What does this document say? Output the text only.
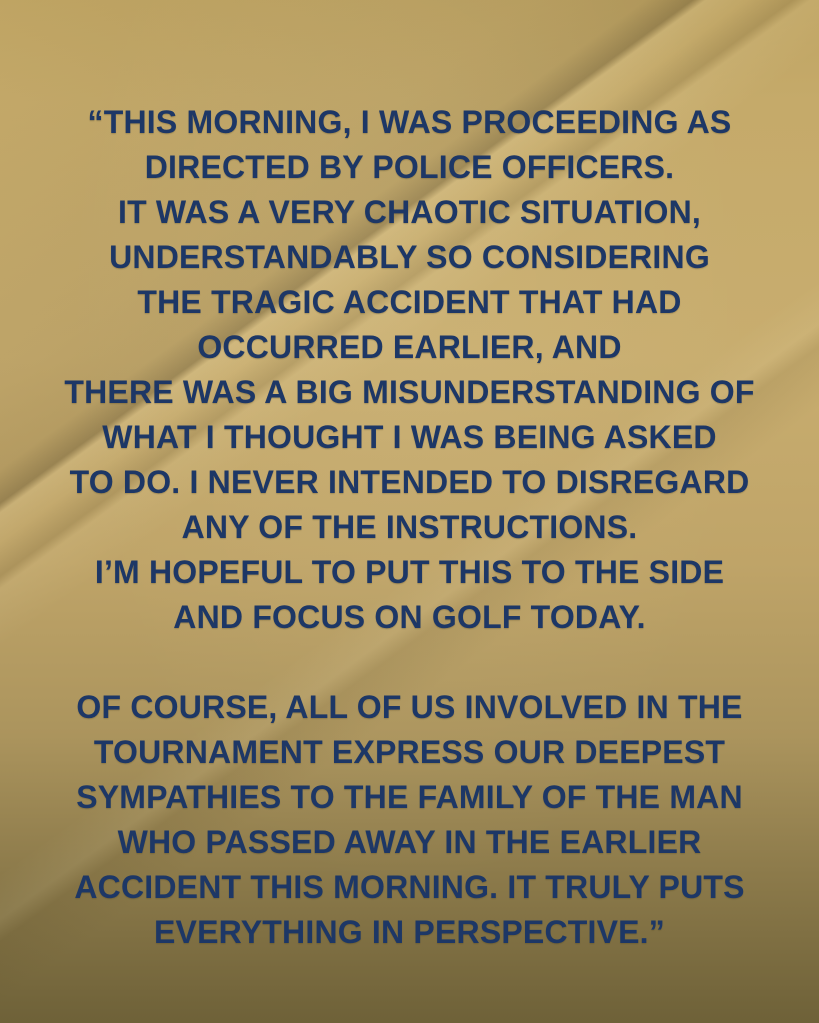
“THIS MORNING, I WAS PROCEEDING AS
DIRECTED BY POLICE OFFICERS.
IT WAS A VERY CHAOTIC SITUATION,
UNDERSTANDABLY SO CONSIDERING
THE TRAGIC ACCIDENT THAT HAD
OCCURRED EARLIER, AND
THERE WAS A BIG MISUNDERSTANDING OF
WHAT I THOUGHT I WAS BEING ASKED
TO DO. I NEVER INTENDED TO DISREGARD
ANY OF THE INSTRUCTIONS.
I’M HOPEFUL TO PUT THIS TO THE SIDE
AND FOCUS ON GOLF TODAY.
OF COURSE, ALL OF US INVOLVED IN THE
TOURNAMENT EXPRESS OUR DEEPEST
SYMPATHIES TO THE FAMILY OF THE MAN
WHO PASSED AWAY IN THE EARLIER
ACCIDENT THIS MORNING. IT TRULY PUTS
EVERYTHING IN PERSPECTIVE.”
